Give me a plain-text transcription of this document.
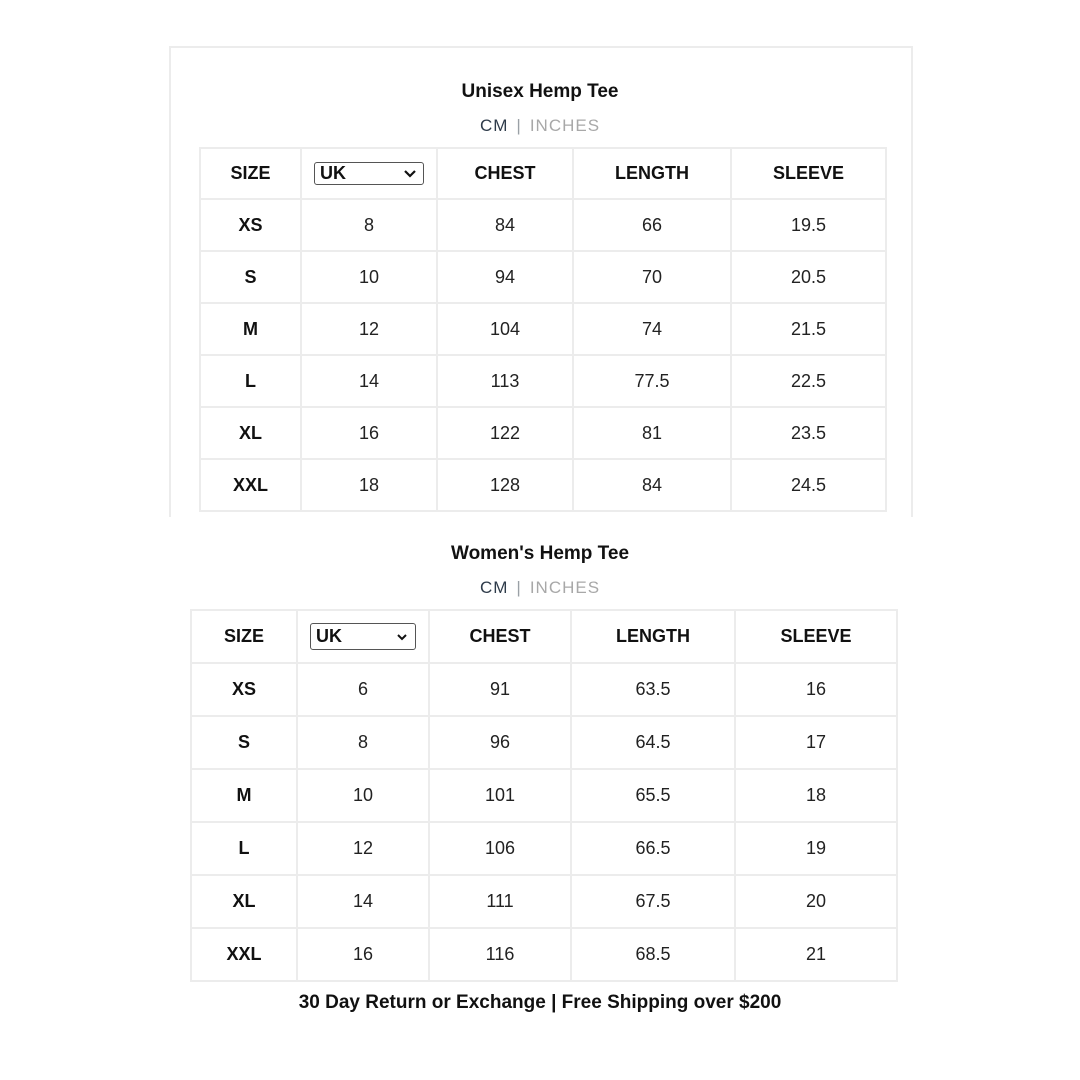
Unisex Hemp Tee
CM | INCHES
SIZE	UK	CHEST	LENGTH	SLEEVE
XS	8	84	66	19.5
S	10	94	70	20.5
M	12	104	74	21.5
L	14	113	77.5	22.5
XL	16	122	81	23.5
XXL	18	128	84	24.5
Women's Hemp Tee
CM | INCHES
SIZE	UK	CHEST	LENGTH	SLEEVE
XS	6	91	63.5	16
S	8	96	64.5	17
M	10	101	65.5	18
L	12	106	66.5	19
XL	14	111	67.5	20
XXL	16	116	68.5	21
30 Day Return or Exchange | Free Shipping over $200
